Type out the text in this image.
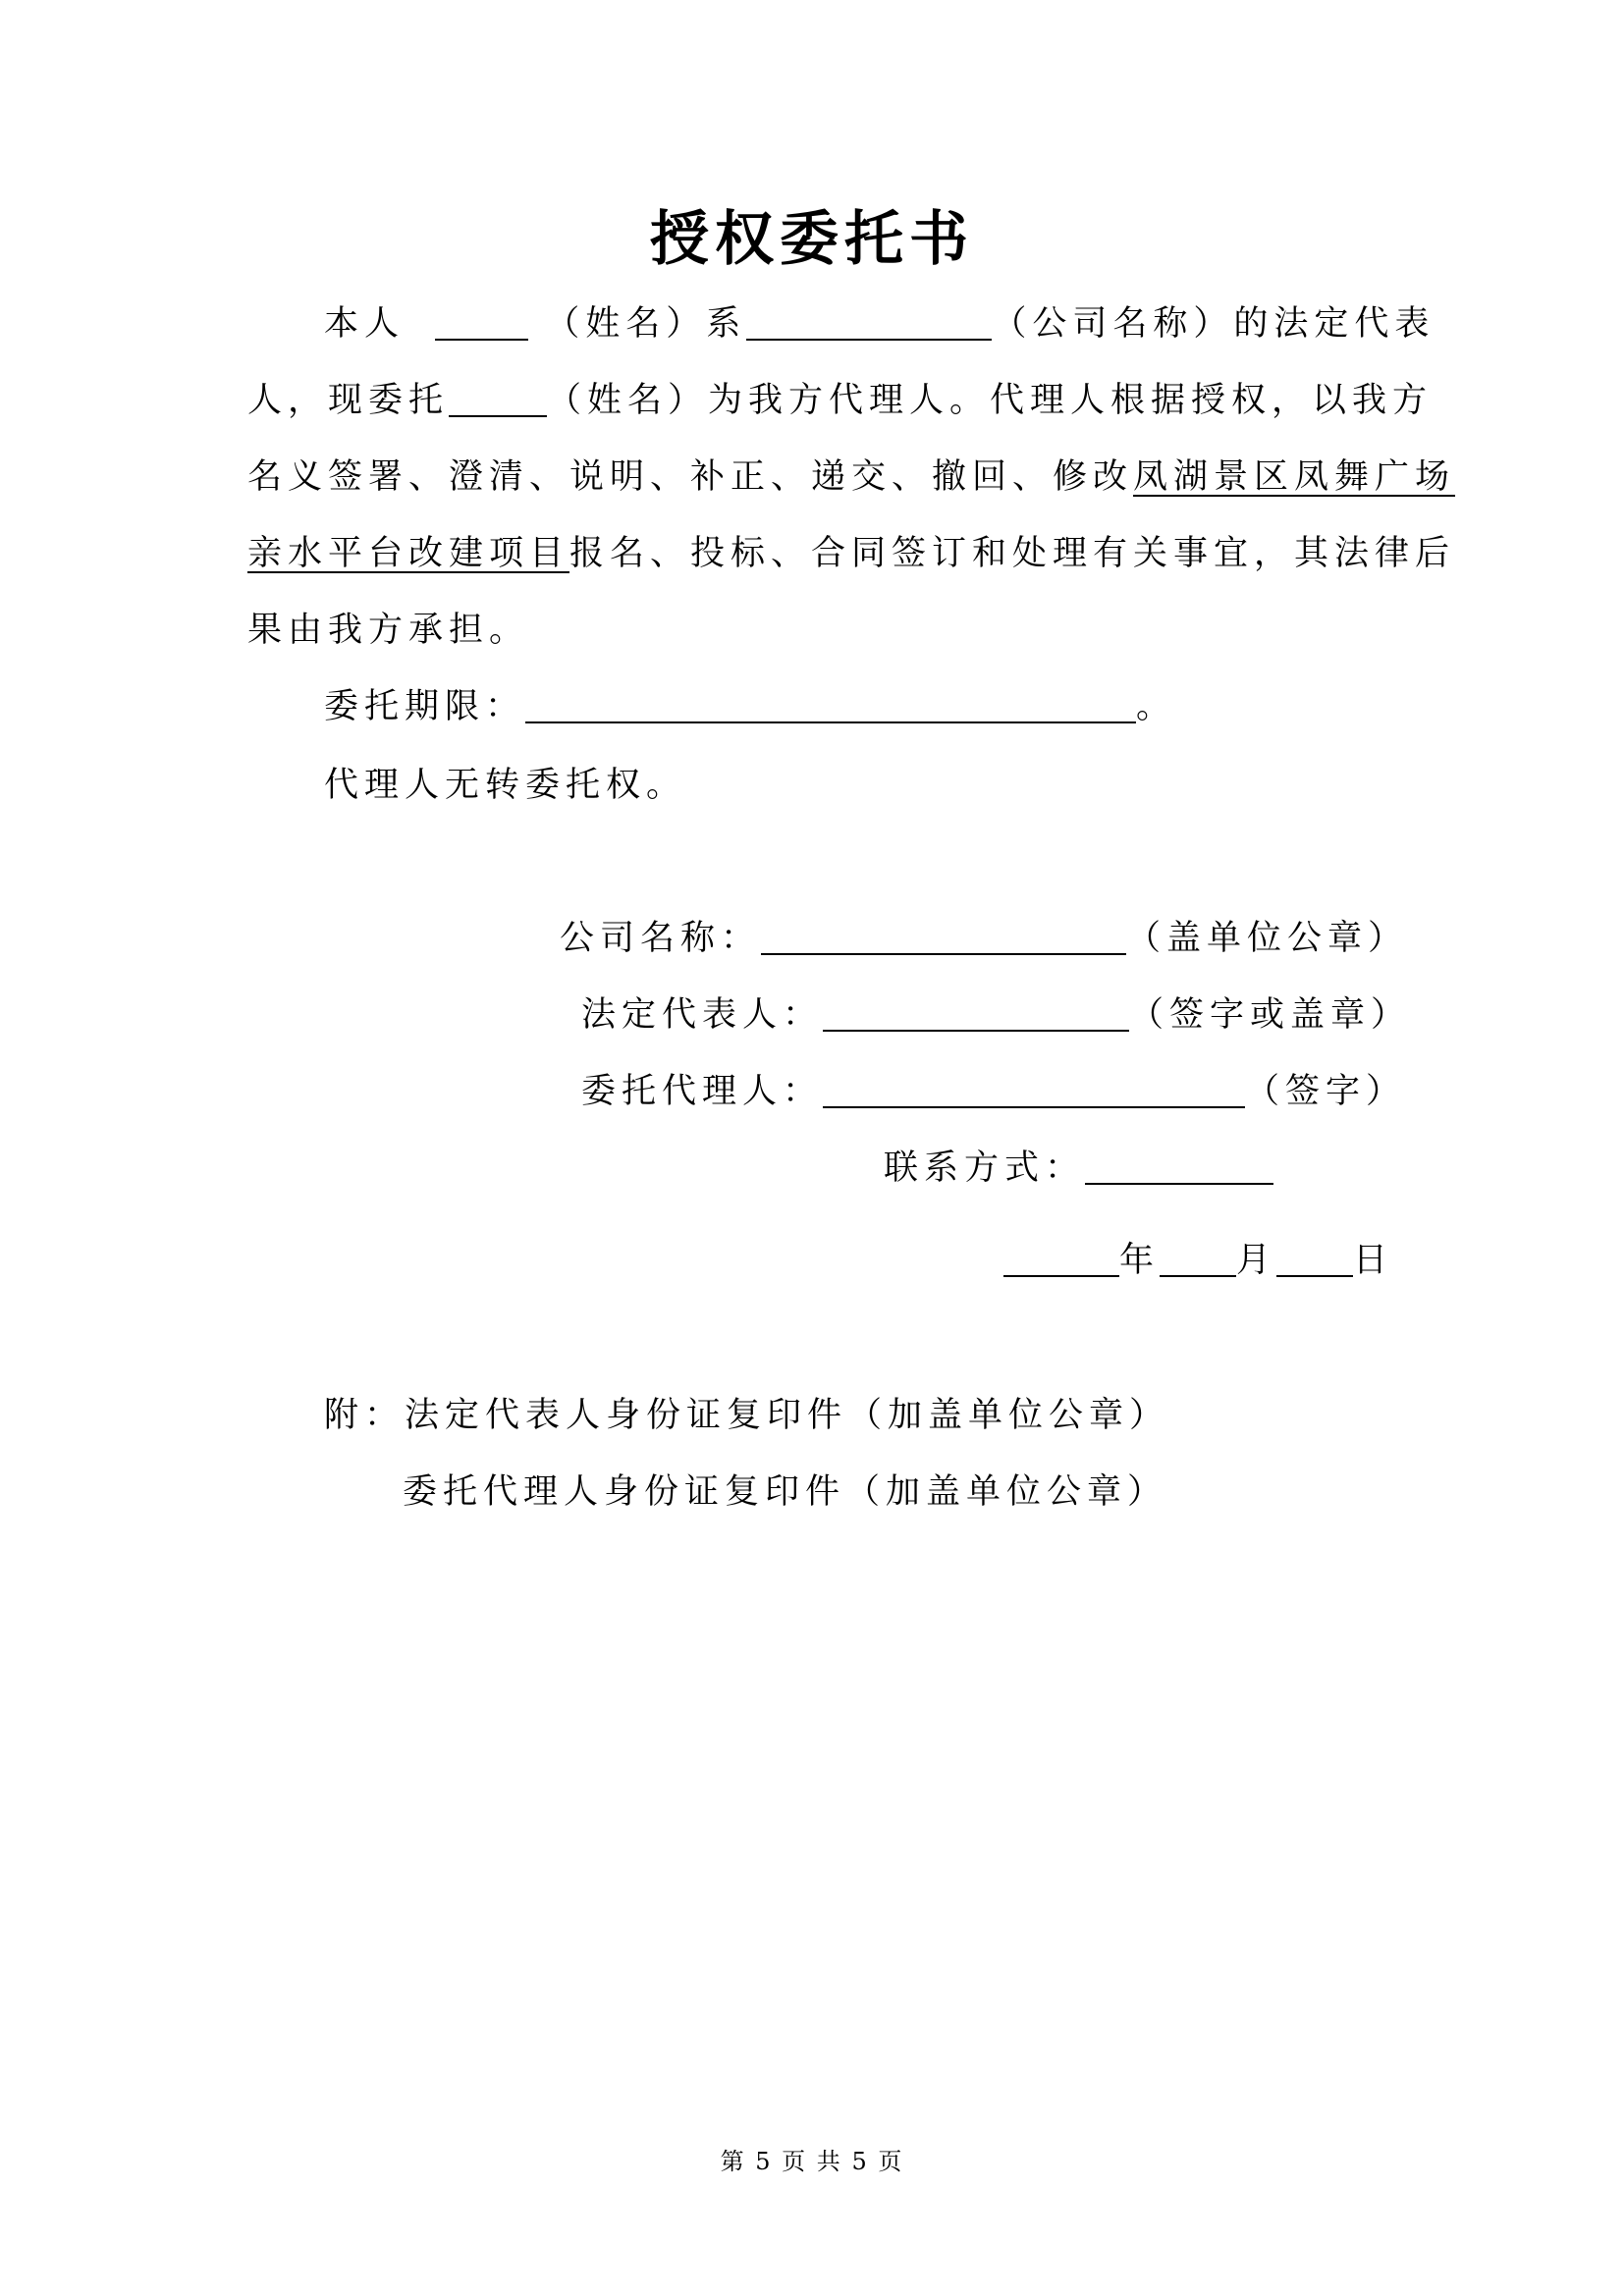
授权委托书
本人	（姓名）系	（公司名称）的法定代表
人，现委托	（姓名）为我方代理人。代理人根据授权，以我方
名义签署、澄清、说明、补正、递交、撤回、修改凤湖景区凤舞广场
亲水平台改建项目报名、投标、合同签订和处理有关事宜，其法律后
果由我方承担。
委托期限：	。
代理人无转委托权。
公司名称：	（盖单位公章）
法定代表人：	（签字或盖章）
委托代理人：	（签字）
联系方式：
年 月 日
附：法定代表人身份证复印件（加盖单位公章）
委托代理人身份证复印件（加盖单位公章）
第 5 页 共 5 页
